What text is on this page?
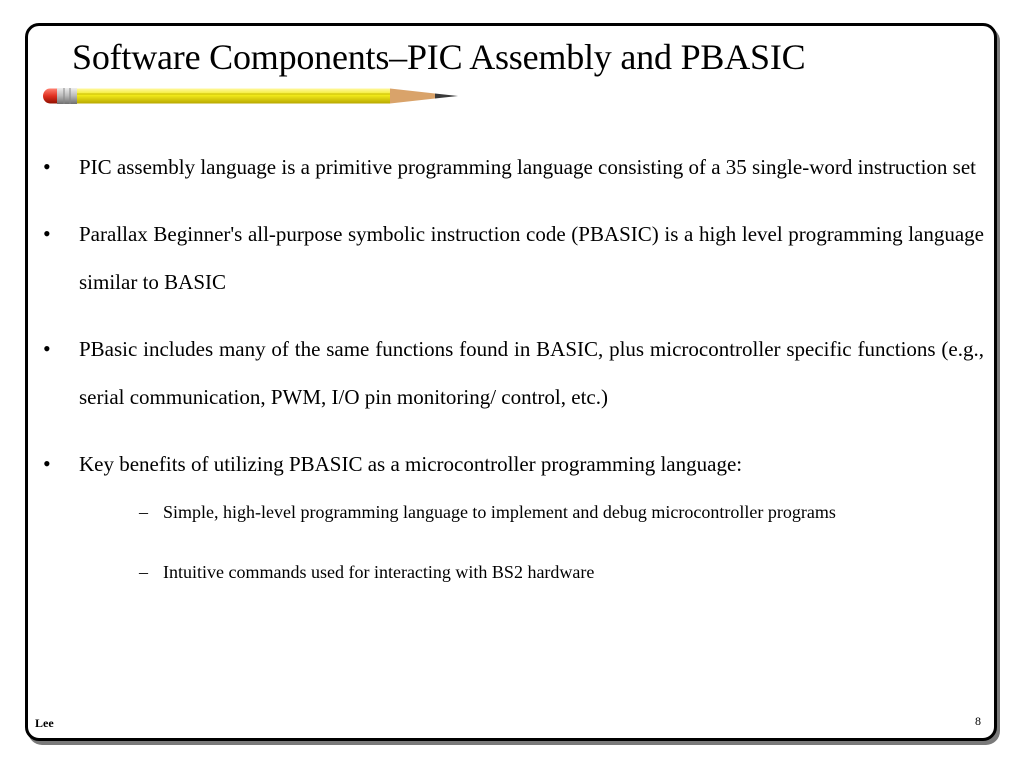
Software Components–PIC Assembly and PBASIC
• PIC assembly language is a primitive programming language consisting of a 35 single-word instruction set
• Parallax Beginner's all-purpose symbolic instruction code (PBASIC) is a high level programming language similar to BASIC
• PBasic includes many of the same functions found in BASIC, plus microcontroller specific functions (e.g., serial communication, PWM, I/O pin monitoring/ control, etc.)
• Key benefits of utilizing PBASIC as a microcontroller programming language:
– Simple, high-level programming language to implement and debug microcontroller programs
– Intuitive commands used for interacting with BS2 hardware
Lee	8
